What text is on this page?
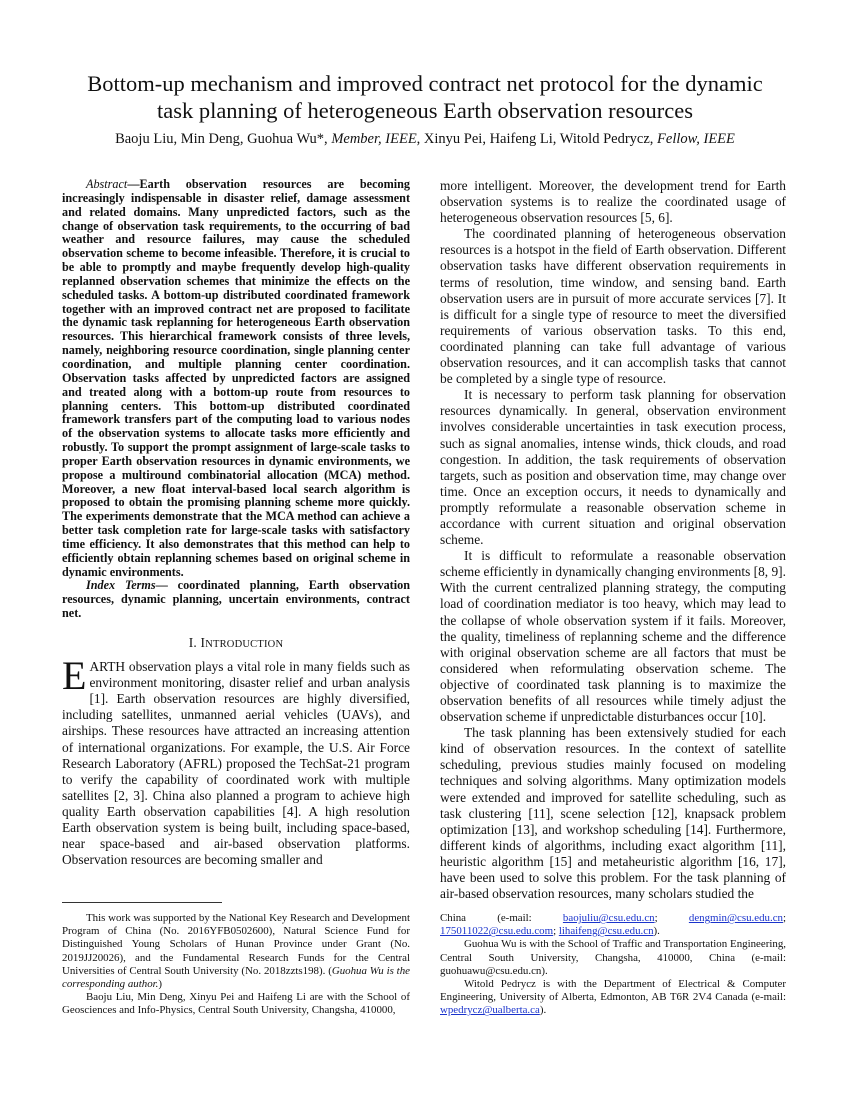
Bottom-up mechanism and improved contract net protocol for the dynamic
task planning of heterogeneous Earth observation resources
Baoju Liu, Min Deng, Guohua Wu*, Member, IEEE, Xinyu Pei, Haifeng Li, Witold Pedrycz, Fellow, IEEE

Abstract—Earth observation resources are becoming increasingly indispensable in disaster relief, damage assessment and related domains. Many unpredicted factors, such as the change of observation task requirements, to the occurring of bad weather and resource failures, may cause the scheduled observation scheme to become infeasible. Therefore, it is crucial to be able to promptly and maybe frequently develop high-quality replanned observation schemes that minimize the effects on the scheduled tasks. A bottom-up distributed coordinated framework together with an improved contract net are proposed to facilitate the dynamic task replanning for heterogeneous Earth observation resources. This hierarchical framework consists of three levels, namely, neighboring resource coordination, single planning center coordination, and multiple planning center coordination. Observation tasks affected by unpredicted factors are assigned and treated along with a bottom-up route from resources to planning centers. This bottom-up distributed coordinated framework transfers part of the computing load to various nodes of the observation systems to allocate tasks more efficiently and robustly. To support the prompt assignment of large-scale tasks to proper Earth observation resources in dynamic environments, we propose a multiround combinatorial allocation (MCA) method. Moreover, a new float interval-based local search algorithm is proposed to obtain the promising planning scheme more quickly. The experiments demonstrate that the MCA method can achieve a better task completion rate for large-scale tasks with satisfactory time efficiency. It also demonstrates that this method can help to efficiently obtain replanning schemes based on original scheme in dynamic environments.

Index Terms— coordinated planning, Earth observation resources, dynamic planning, uncertain environments, contract net.

I. INTRODUCTION

EARTH observation plays a vital role in many fields such as environment monitoring, disaster relief and urban analysis [1]. Earth observation resources are highly diversified, including satellites, unmanned aerial vehicles (UAVs), and airships. These resources have attracted an increasing attention of international organizations. For example, the U.S. Air Force Research Laboratory (AFRL) proposed the TechSat-21 program to verify the capability of coordinated work with multiple satellites [2, 3]. China also planned a program to achieve high quality Earth observation capabilities [4]. A high resolution Earth observation system is being built, including space-based, near space-based and air-based observation platforms. Observation resources are becoming smaller and

more intelligent. Moreover, the development trend for Earth observation systems is to realize the coordinated usage of heterogeneous observation resources [5, 6].

The coordinated planning of heterogeneous observation resources is a hotspot in the field of Earth observation. Different observation tasks have different observation requirements in terms of resolution, time window, and sensing band. Earth observation users are in pursuit of more accurate services [7]. It is difficult for a single type of resource to meet the diversified requirements of various observation tasks. To this end, coordinated planning can take full advantage of various observation resources, and it can accomplish tasks that cannot be completed by a single type of resource.

It is necessary to perform task planning for observation resources dynamically. In general, observation environment involves considerable uncertainties in task execution process, such as signal anomalies, intense winds, thick clouds, and road congestion. In addition, the task requirements of observation targets, such as position and observation time, may change over time. Once an exception occurs, it needs to dynamically and promptly reformulate a reasonable observation scheme in accordance with current situation and original observation scheme.

It is difficult to reformulate a reasonable observation scheme efficiently in dynamically changing environments [8, 9]. With the current centralized planning strategy, the computing load of coordination mediator is too heavy, which may lead to the collapse of whole observation system if it fails. Moreover, the quality, timeliness of replanning scheme and the difference with original observation scheme are all factors that must be considered when reformulating observation scheme. The objective of coordinated task planning is to maximize the observation benefits of all resources while timely adjust the observation scheme if unpredictable disturbances occur [10].

The task planning has been extensively studied for each kind of observation resources. In the context of satellite scheduling, previous studies mainly focused on modeling techniques and solving algorithms. Many optimization models were extended and improved for satellite scheduling, such as task clustering [11], scene selection [12], knapsack problem optimization [13], and workshop scheduling [14]. Furthermore, different kinds of algorithms, including exact algorithm [11], heuristic algorithm [15] and metaheuristic algorithm [16, 17], have been used to solve this problem. For the task planning of air-based observation resources, many scholars studied the

This work was supported by the National Key Research and Development Program of China (No. 2016YFB0502600), Natural Science Fund for Distinguished Young Scholars of Hunan Province under Grant (No. 2019JJ20026), and the Fundamental Research Funds for the Central Universities of Central South University (No. 2018zzts198). (Guohua Wu is the corresponding author.)

Baoju Liu, Min Deng, Xinyu Pei and Haifeng Li are with the School of Geosciences and Info-Physics, Central South University, Changsha, 410000,

China (e-mail: baojuliu@csu.edu.cn; dengmin@csu.edu.cn; 175011022@csu.edu.com; lihaifeng@csu.edu.cn).

Guohua Wu is with the School of Traffic and Transportation Engineering, Central South University, Changsha, 410000, China (e-mail: guohuawu@csu.edu.cn).

Witold Pedrycz is with the Department of Electrical & Computer Engineering, University of Alberta, Edmonton, AB T6R 2V4 Canada (e-mail: wpedrycz@ualberta.ca).
